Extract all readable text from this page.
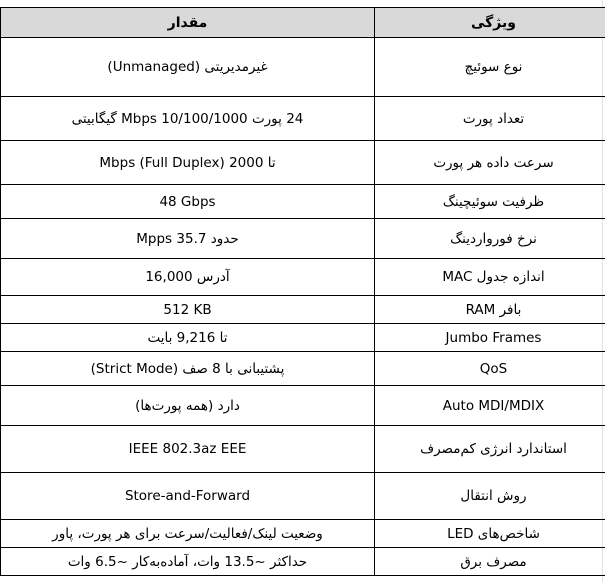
مقدار	ویژگی
غیرمدیریتی (Unmanaged)	نوع سوئیچ
24 پورت 10/100/1000 Mbps گیگابیتی	تعداد پورت
تا 2000 Mbps (Full Duplex)	سرعت داده هر پورت
48 Gbps	ظرفیت سوئیچینگ
حدود 35.7 Mpps	نرخ فورواردینگ
آدرس 16,000	اندازه جدول MAC
512 KB	بافر RAM
تا 9,216 بایت	Jumbo Frames
پشتیبانی با 8 صف (Strict Mode)	QoS
دارد (همه پورت‌ها)	Auto MDI/MDIX
IEEE 802.3az EEE	استاندارد انرژی کم‌مصرف
Store-and-Forward	روش انتقال
وضعیت لینک/فعالیت/سرعت برای هر پورت، پاور	شاخص‌های LED
حداکثر ~13.5 وات، آماده‌به‌کار ~6.5 وات	مصرف برق
